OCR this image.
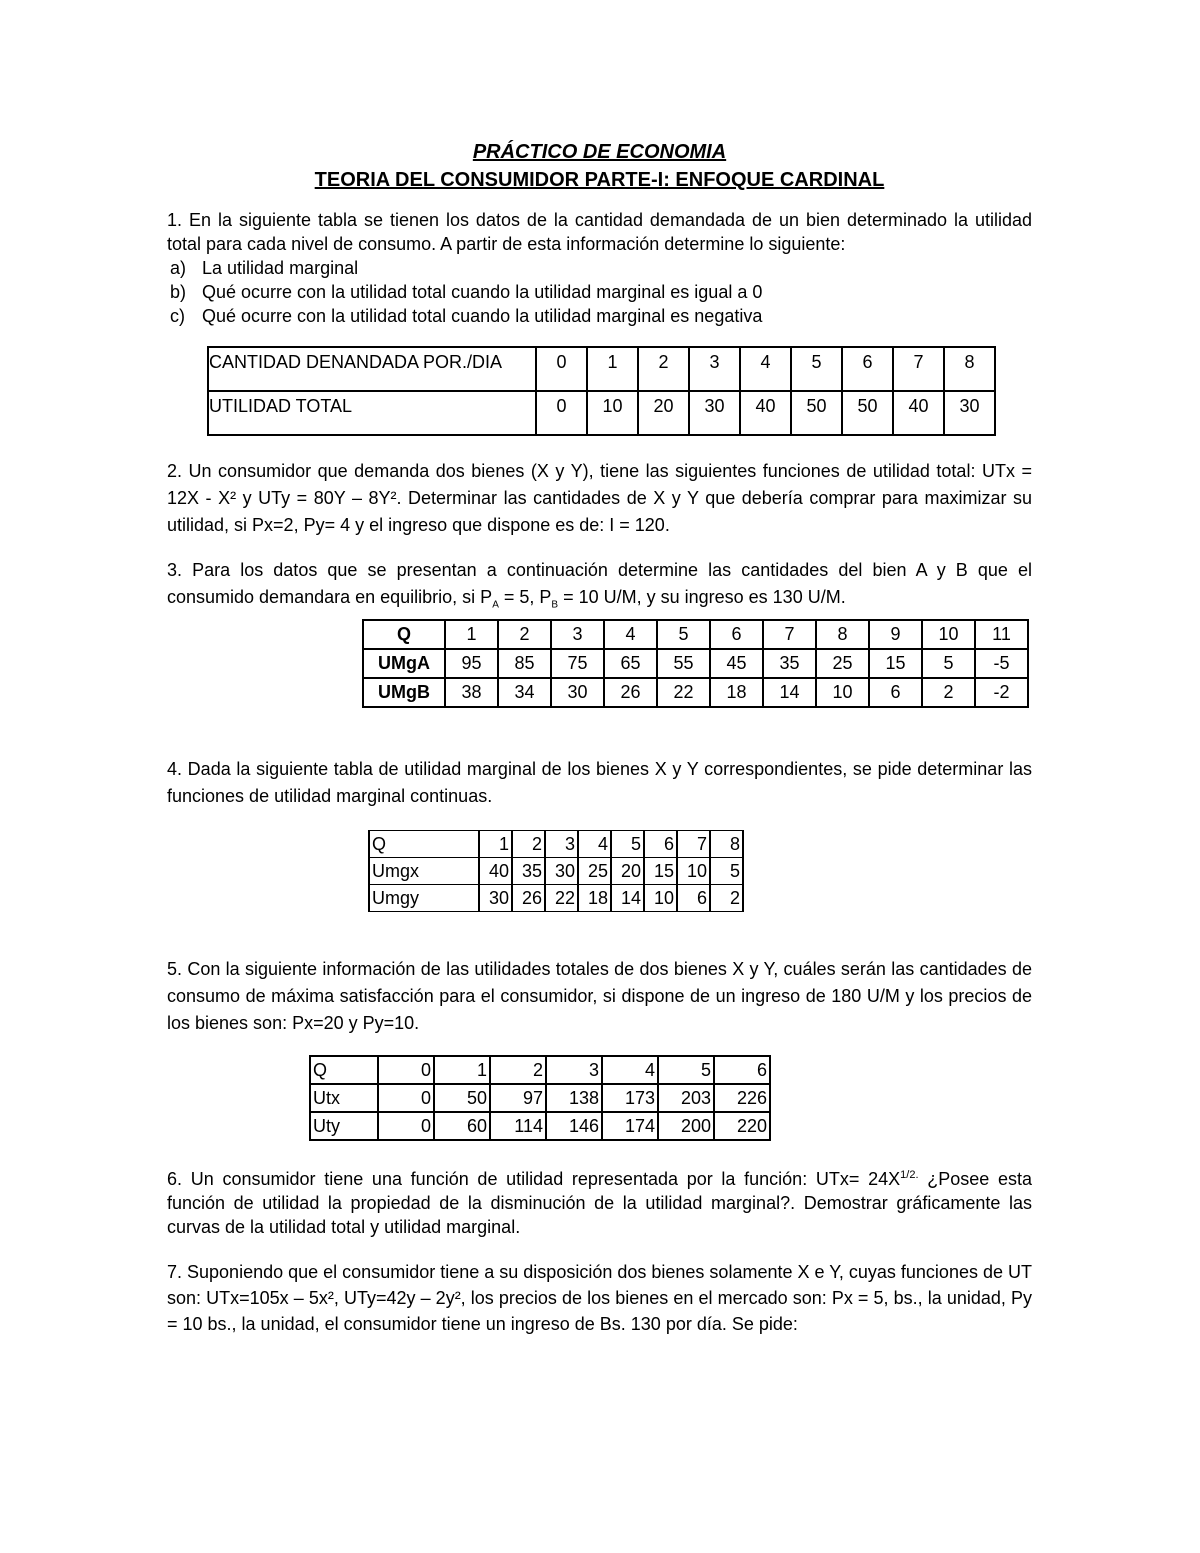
PRÁCTICO DE ECONOMIA
TEORIA DEL CONSUMIDOR PARTE-I: ENFOQUE CARDINAL

1. En la siguiente tabla se tienen los datos de la cantidad demandada de un bien determinado la utilidad total para cada nivel de consumo. A partir de esta información determine lo siguiente:

a) La utilidad marginal
b) Qué ocurre con la utilidad total cuando la utilidad marginal es igual a 0
c) Qué ocurre con la utilidad total cuando la utilidad marginal es negativa
CANTIDAD DENANDADA POR./DIA	0	1	2	3	4	5	6	7	8
UTILIDAD TOTAL	0	10	20	30	40	50	50	40	30

2. Un consumidor que demanda dos bienes (X y Y), tiene las siguientes funciones de utilidad total: UTx = 12X - X² y UTy = 80Y – 8Y². Determinar las cantidades de X y Y que debería comprar para maximizar su utilidad, si Px=2, Py= 4 y el ingreso que dispone es de: I = 120.

3. Para los datos que se presentan a continuación determine las cantidades del bien A y B que el consumido demandara en equilibrio, si $P_A = 5$, $P_B = 10$ U/M, y su ingreso es 130 U/M.

Q	1	2	3	4	5	6	7	8	9	10	11
UMgA	95	85	75	65	55	45	35	25	15	5	-5
UMgB	38	34	30	26	22	18	14	10	6	2	-2

4. Dada la siguiente tabla de utilidad marginal de los bienes X y Y correspondientes, se pide determinar las funciones de utilidad marginal continuas.

Q	1	2	3	4	5	6	7	8
Umgx	40	35	30	25	20	15	10	5
Umgy	30	26	22	18	14	10	6	2

5. Con la siguiente información de las utilidades totales de dos bienes X y Y, cuáles serán las cantidades de consumo de máxima satisfacción para el consumidor, si dispone de un ingreso de 180 U/M y los precios de los bienes son: Px=20 y Py=10.

Q	0	1	2	3	4	5	6
Utx	0	50	97	138	173	203	226
Uty	0	60	114	146	174	200	220

6. Un consumidor tiene una función de utilidad representada por la función: $UTx= 24X^{1/2.}$ ¿Posee esta función de utilidad la propiedad de la disminución de la utilidad marginal?. Demostrar gráficamente las curvas de la utilidad total y utilidad marginal.

7. Suponiendo que el consumidor tiene a su disposición dos bienes solamente X e Y, cuyas funciones de UT son: UTx=105x – 5x², UTy=42y – 2y², los precios de los bienes en el mercado son: Px = 5, bs., la unidad, Py = 10 bs., la unidad, el consumidor tiene un ingreso de Bs. 130 por día. Se pide:
